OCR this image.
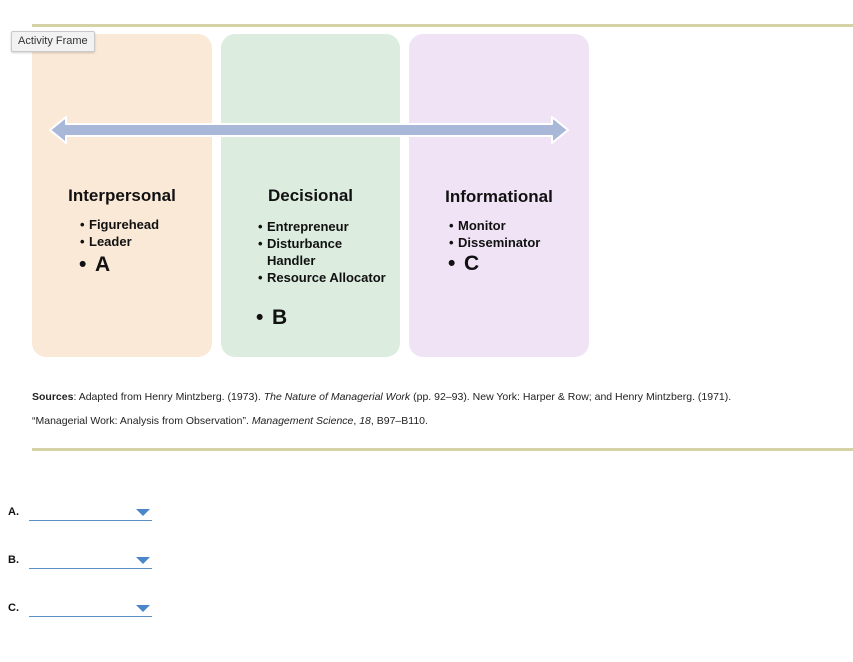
Activity Frame
Interpersonal
• Figurehead
• Leader
• A
Decisional
• Entrepreneur
• Disturbance Handler
• Resource Allocator
• B
Informational
• Monitor
• Disseminator
• C
Sources: Adapted from Henry Mintzberg. (1973). The Nature of Managerial Work (pp. 92–93). New York: Harper & Row; and Henry Mintzberg. (1971).
“Managerial Work: Analysis from Observation”. Management Science, 18, B97–B110.
A.
B.
C.
